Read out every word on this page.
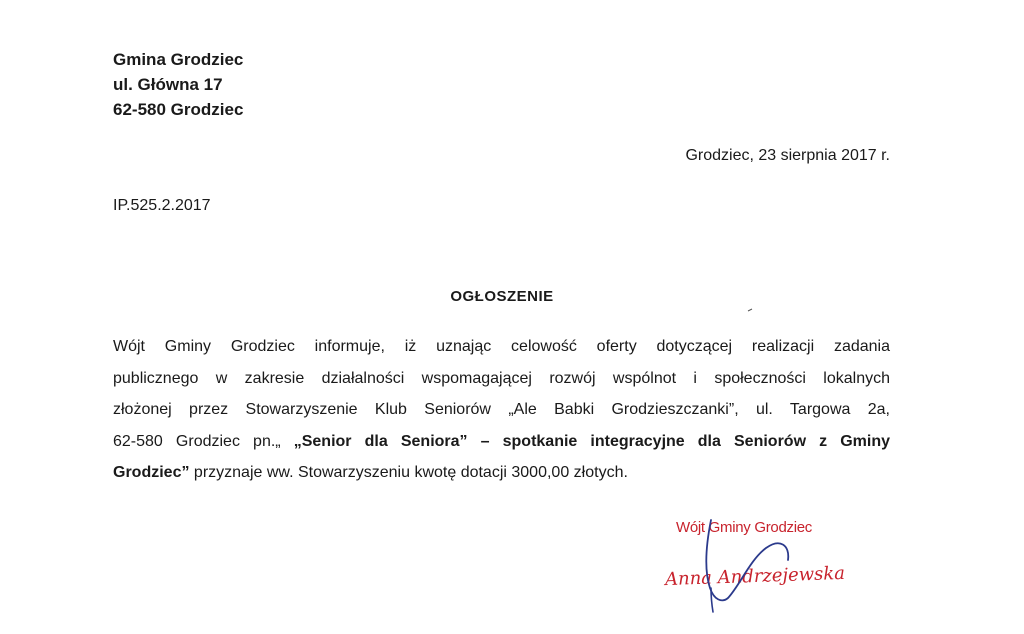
Gmina Grodziec
ul. Główna 17
62-580 Grodziec
Grodziec, 23 sierpnia 2017 r.
IP.525.2.2017
OGŁOSZENIE
Wójt Gminy Grodziec informuje, iż uznając celowość oferty dotyczącej realizacji zadania
publicznego w zakresie działalności wspomagającej rozwój wspólnot i społeczności lokalnych
złożonej przez Stowarzyszenie Klub Seniorów „Ale Babki Grodzieszczanki”, ul. Targowa 2a,
62-580 Grodziec pn.„ „Senior dla Seniora” – spotkanie integracyjne dla Seniorów z Gminy
Grodziec” przyznaje ww. Stowarzyszeniu kwotę dotacji 3000,00 złotych.
Wójt Gminy Grodziec
Anna Andrzejewska
